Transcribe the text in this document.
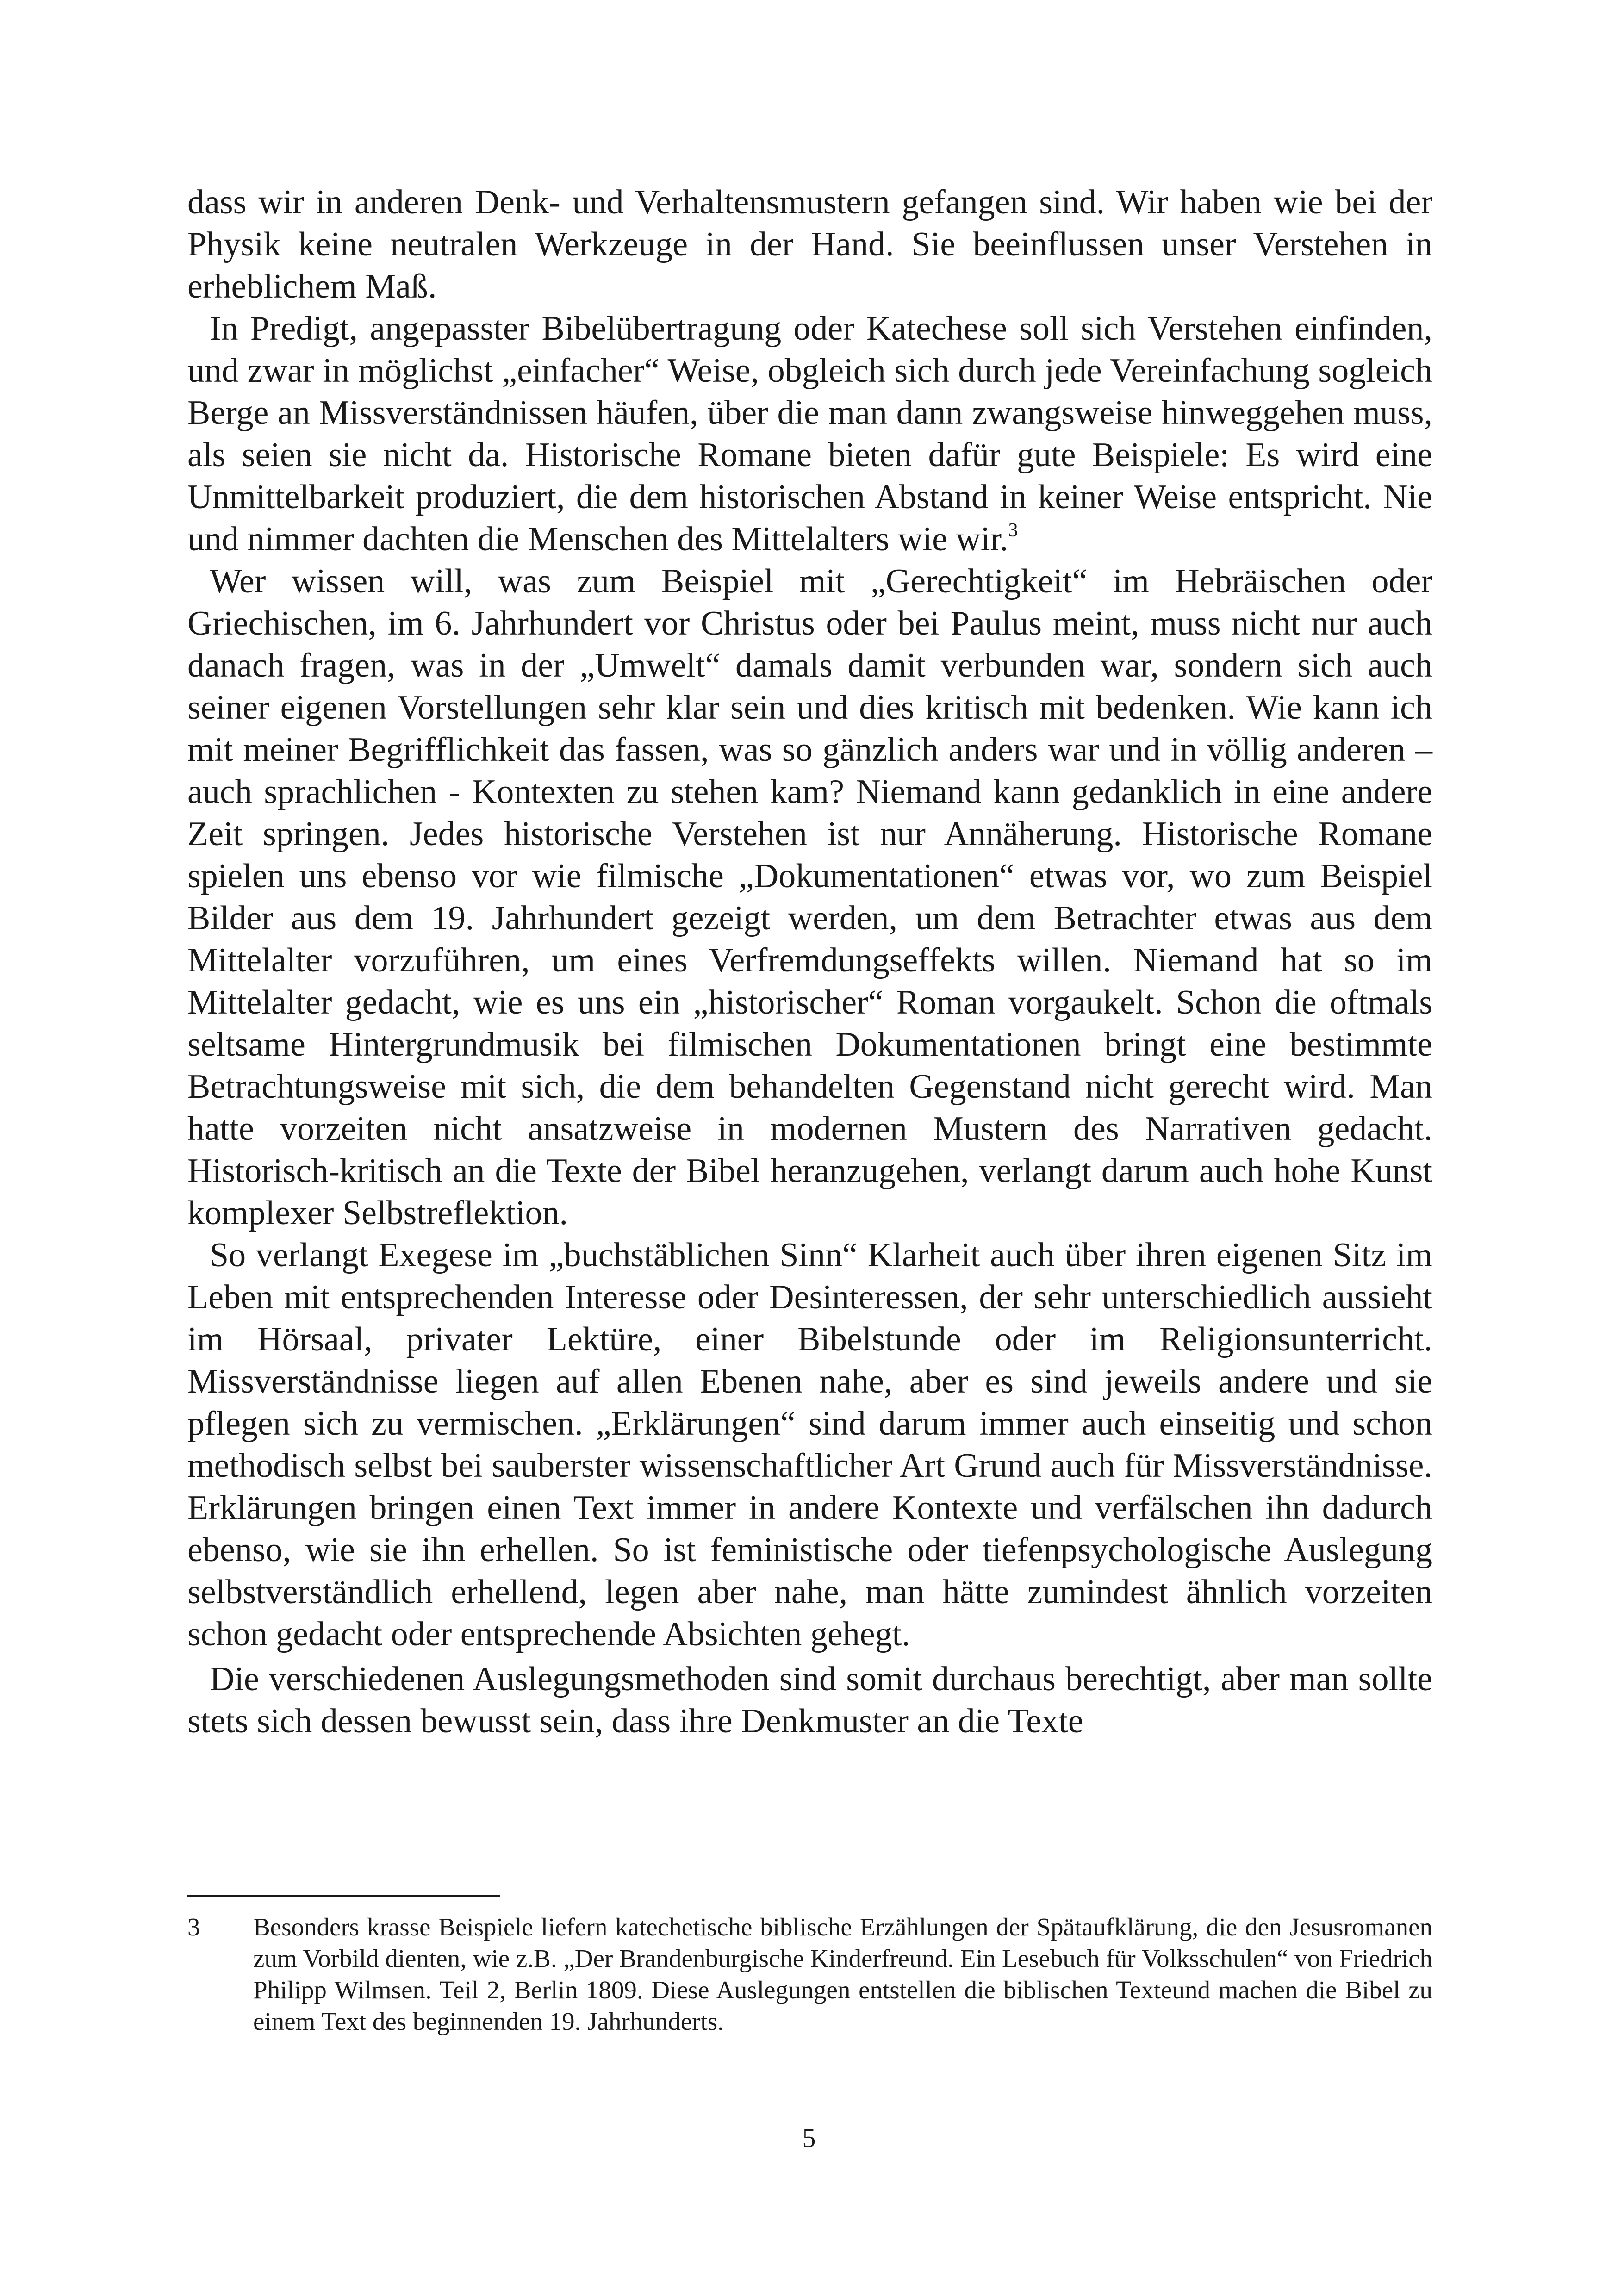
dass wir in anderen Denk- und Verhaltensmustern gefangen sind. Wir haben wie bei der Physik keine neutralen Werkzeuge in der Hand. Sie beeinflussen unser Verstehen in erheblichem Maß.

In Predigt, angepasster Bibelübertragung oder Katechese soll sich Verstehen einfinden, und zwar in möglichst „einfacher“ Weise, obgleich sich durch jede Vereinfachung sogleich Berge an Missverständnissen häufen, über die man dann zwangsweise hinweggehen muss, als seien sie nicht da. Historische Romane bieten dafür gute Beispiele: Es wird eine Unmittelbarkeit produziert, die dem historischen Abstand in keiner Weise entspricht. Nie und nimmer dachten die Menschen des Mittelalters wie wir.$^3$

Wer wissen will, was zum Beispiel mit „Gerechtigkeit“ im Hebräischen oder Griechischen, im 6. Jahrhundert vor Christus oder bei Paulus meint, muss nicht nur auch danach fragen, was in der „Umwelt“ damals damit verbunden war, sondern sich auch seiner eigenen Vorstellungen sehr klar sein und dies kritisch mit bedenken. Wie kann ich mit meiner Begrifflichkeit das fassen, was so gänzlich anders war und in völlig anderen – auch sprachlichen - Kontexten zu stehen kam? Niemand kann gedanklich in eine andere Zeit springen. Jedes historische Verstehen ist nur Annäherung. Historische Romane spielen uns ebenso vor wie filmische „Dokumentationen“ etwas vor, wo zum Beispiel Bilder aus dem 19. Jahrhundert gezeigt werden, um dem Betrachter etwas aus dem Mittelalter vorzuführen, um eines Verfremdungseffekts willen. Niemand hat so im Mittelalter gedacht, wie es uns ein „historischer“ Roman vorgaukelt. Schon die oftmals seltsame Hintergrundmusik bei filmischen Dokumentationen bringt eine bestimmte Betrachtungsweise mit sich, die dem behandelten Gegenstand nicht gerecht wird. Man hatte vorzeiten nicht ansatzweise in modernen Mustern des Narrativen gedacht. Historisch-kritisch an die Texte der Bibel heranzugehen, verlangt darum auch hohe Kunst komplexer Selbstreflektion.

So verlangt Exegese im „buchstäblichen Sinn“ Klarheit auch über ihren eigenen Sitz im Leben mit entsprechenden Interesse oder Desinteressen, der sehr unterschiedlich aussieht im Hörsaal, privater Lektüre, einer Bibelstunde oder im Religionsunterricht. Missverständnisse liegen auf allen Ebenen nahe, aber es sind jeweils andere und sie pflegen sich zu vermischen. „Erklärungen“ sind darum immer auch einseitig und schon methodisch selbst bei sauberster wissenschaftlicher Art Grund auch für Missverständnisse. Erklärungen bringen einen Text immer in andere Kontexte und verfälschen ihn dadurch ebenso, wie sie ihn erhellen. So ist feministische oder tiefenpsychologische Auslegung selbstverständlich erhellend, legen aber nahe, man hätte zumindest ähnlich vorzeiten schon gedacht oder entsprechende Absichten gehegt.

Die verschiedenen Auslegungsmethoden sind somit durchaus berechtigt, aber man sollte stets sich dessen bewusst sein, dass ihre Denkmuster an die Texte

3 Besonders krasse Beispiele liefern katechetische biblische Erzählungen der Spätaufklärung, die den Jesusromanen zum Vorbild dienten, wie z.B. „Der Brandenburgische Kinderfreund. Ein Lesebuch für Volksschulen“ von Friedrich Philipp Wilmsen. Teil 2, Berlin 1809. Diese Auslegungen entstellen die biblischen Texteund machen die Bibel zu einem Text des beginnenden 19. Jahrhunderts.
5
